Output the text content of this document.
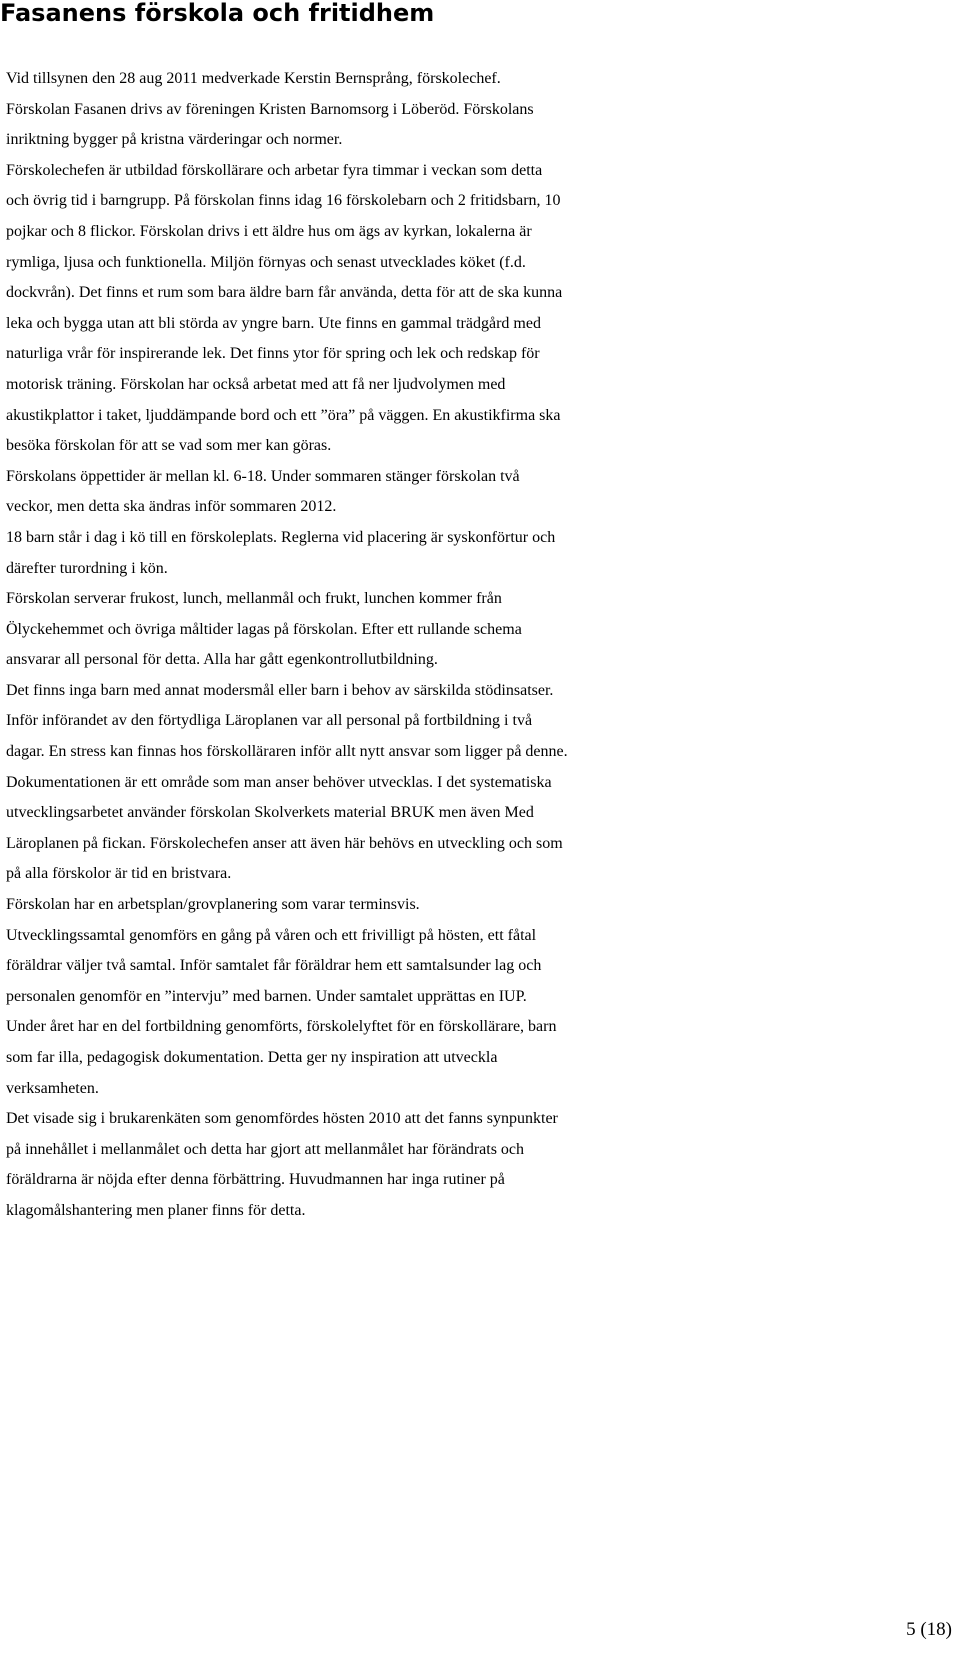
Fasanens förskola och fritidhem
Vid tillsynen den 28 aug 2011 medverkade Kerstin Bernsprång, förskolechef.
Förskolan Fasanen drivs av föreningen Kristen Barnomsorg i Löberöd. Förskolans
inriktning bygger på kristna värderingar och normer.
Förskolechefen är utbildad förskollärare och arbetar fyra timmar i veckan som detta
och övrig tid i barngrupp. På förskolan finns idag 16 förskolebarn och 2 fritidsbarn, 10
pojkar och 8 flickor. Förskolan drivs i ett äldre hus om ägs av kyrkan, lokalerna är
rymliga, ljusa och funktionella. Miljön förnyas och senast utvecklades köket (f.d.
dockvrån). Det finns et rum som bara äldre barn får använda, detta för att de ska kunna
leka och bygga utan att bli störda av yngre barn. Ute finns en gammal trädgård med
naturliga vrår för inspirerande lek. Det finns ytor för spring och lek och redskap för
motorisk träning. Förskolan har också arbetat med att få ner ljudvolymen med
akustikplattor i taket, ljuddämpande bord och ett ”öra” på väggen. En akustikfirma ska
besöka förskolan för att se vad som mer kan göras.
Förskolans öppettider är mellan kl. 6-18. Under sommaren stänger förskolan två
veckor, men detta ska ändras inför sommaren 2012.
18 barn står i dag i kö till en förskoleplats. Reglerna vid placering är syskonförtur och
därefter turordning i kön.
Förskolan serverar frukost, lunch, mellanmål och frukt, lunchen kommer från
Ölyckehemmet och övriga måltider lagas på förskolan. Efter ett rullande schema
ansvarar all personal för detta. Alla har gått egenkontrollutbildning.
Det finns inga barn med annat modersmål eller barn i behov av särskilda stödinsatser.
Inför införandet av den förtydliga Läroplanen var all personal på fortbildning i två
dagar. En stress kan finnas hos förskolläraren inför allt nytt ansvar som ligger på denne.
Dokumentationen är ett område som man anser behöver utvecklas. I det systematiska
utvecklingsarbetet använder förskolan Skolverkets material BRUK men även Med
Läroplanen på fickan. Förskolechefen anser att även här behövs en utveckling och som
på alla förskolor är tid en bristvara.
Förskolan har en arbetsplan/grovplanering som varar terminsvis.
Utvecklingssamtal genomförs en gång på våren och ett frivilligt på hösten, ett fåtal
föräldrar väljer två samtal. Inför samtalet får föräldrar hem ett samtalsunder lag och
personalen genomför en ”intervju” med barnen. Under samtalet upprättas en IUP.
Under året har en del fortbildning genomförts, förskolelyftet för en förskollärare, barn
som far illa, pedagogisk dokumentation. Detta ger ny inspiration att utveckla
verksamheten.
Det visade sig i brukarenkäten som genomfördes hösten 2010 att det fanns synpunkter
på innehållet i mellanmålet och detta har gjort att mellanmålet har förändrats och
föräldrarna är nöjda efter denna förbättring. Huvudmannen har inga rutiner på
klagomålshantering men planer finns för detta.
5 (18)
